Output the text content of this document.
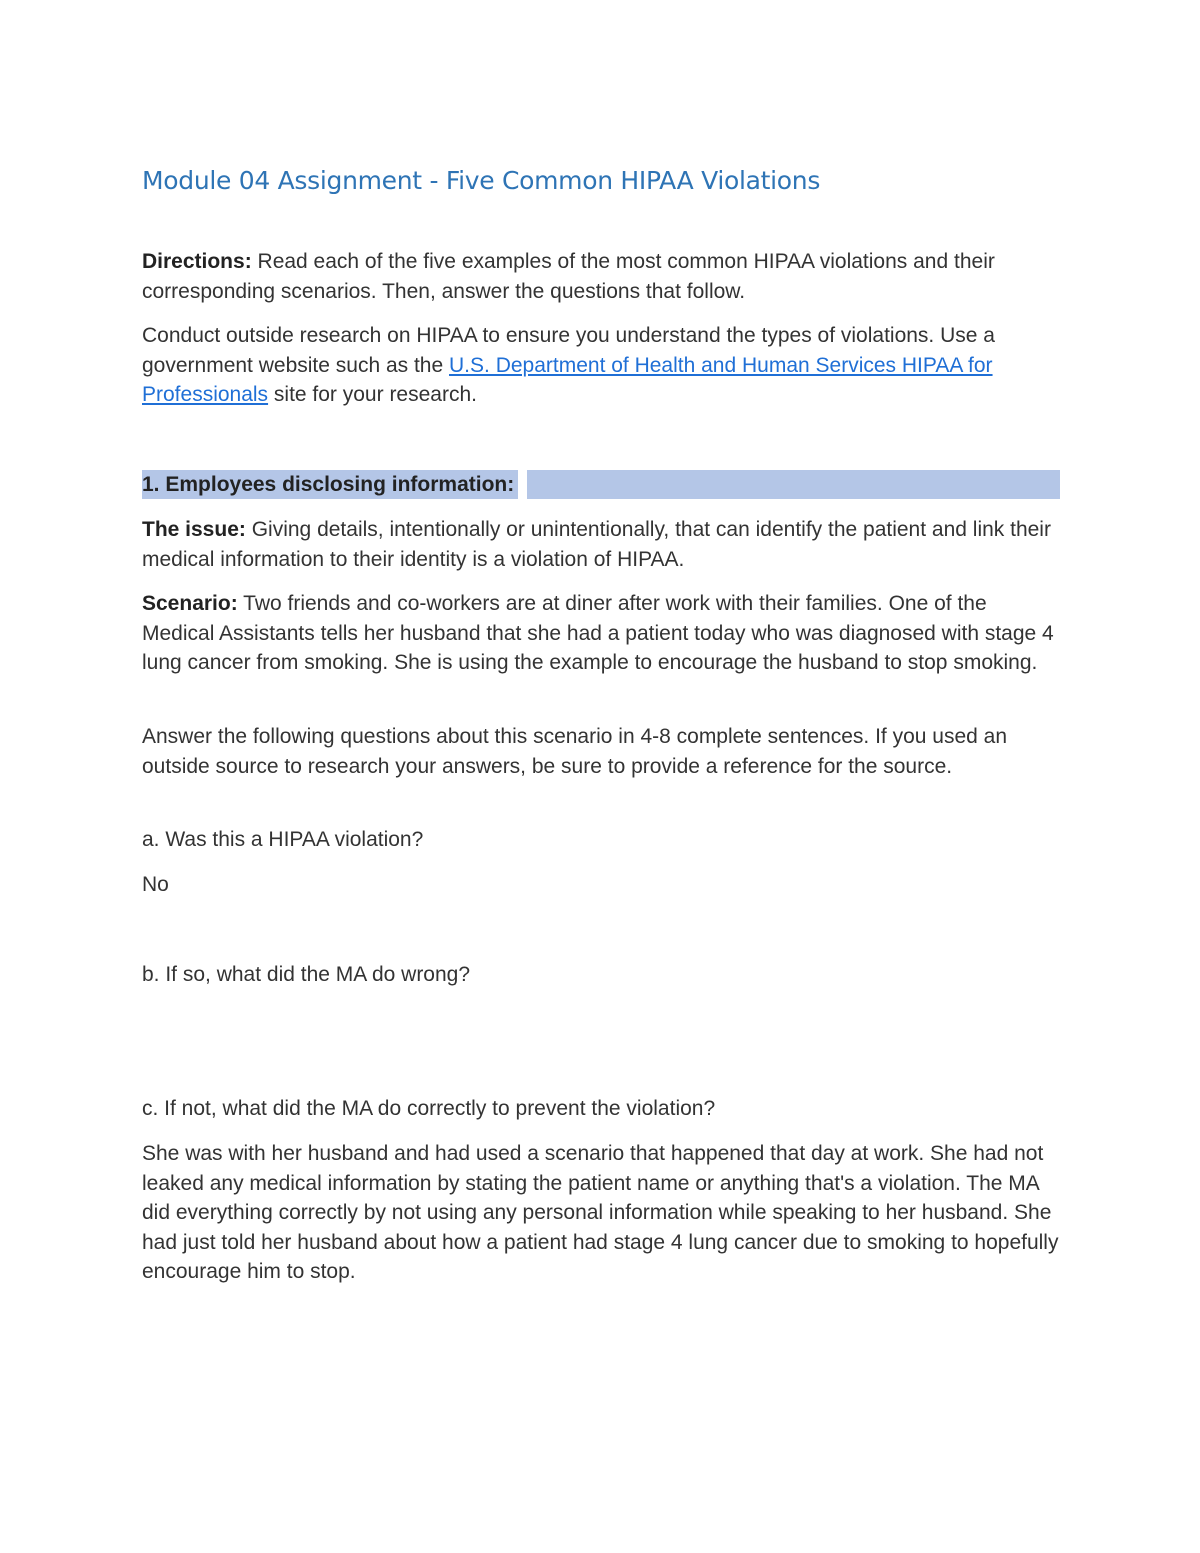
Module 04 Assignment - Five Common HIPAA Violations

Directions: Read each of the five examples of the most common HIPAA violations and their corresponding scenarios. Then, answer the questions that follow.

Conduct outside research on HIPAA to ensure you understand the types of violations. Use a government website such as the U.S. Department of Health and Human Services HIPAA for Professionals site for your research.

1. Employees disclosing information:

The issue: Giving details, intentionally or unintentionally, that can identify the patient and link their medical information to their identity is a violation of HIPAA.

Scenario: Two friends and co-workers are at diner after work with their families. One of the Medical Assistants tells her husband that she had a patient today who was diagnosed with stage 4 lung cancer from smoking. She is using the example to encourage the husband to stop smoking.

Answer the following questions about this scenario in 4-8 complete sentences. If you used an outside source to research your answers, be sure to provide a reference for the source.

a. Was this a HIPAA violation?

No

b. If so, what did the MA do wrong?

c. If not, what did the MA do correctly to prevent the violation?

She was with her husband and had used a scenario that happened that day at work. She had not leaked any medical information by stating the patient name or anything that's a violation. The MA did everything correctly by not using any personal information while speaking to her husband. She had just told her husband about how a patient had stage 4 lung cancer due to smoking to hopefully encourage him to stop.
